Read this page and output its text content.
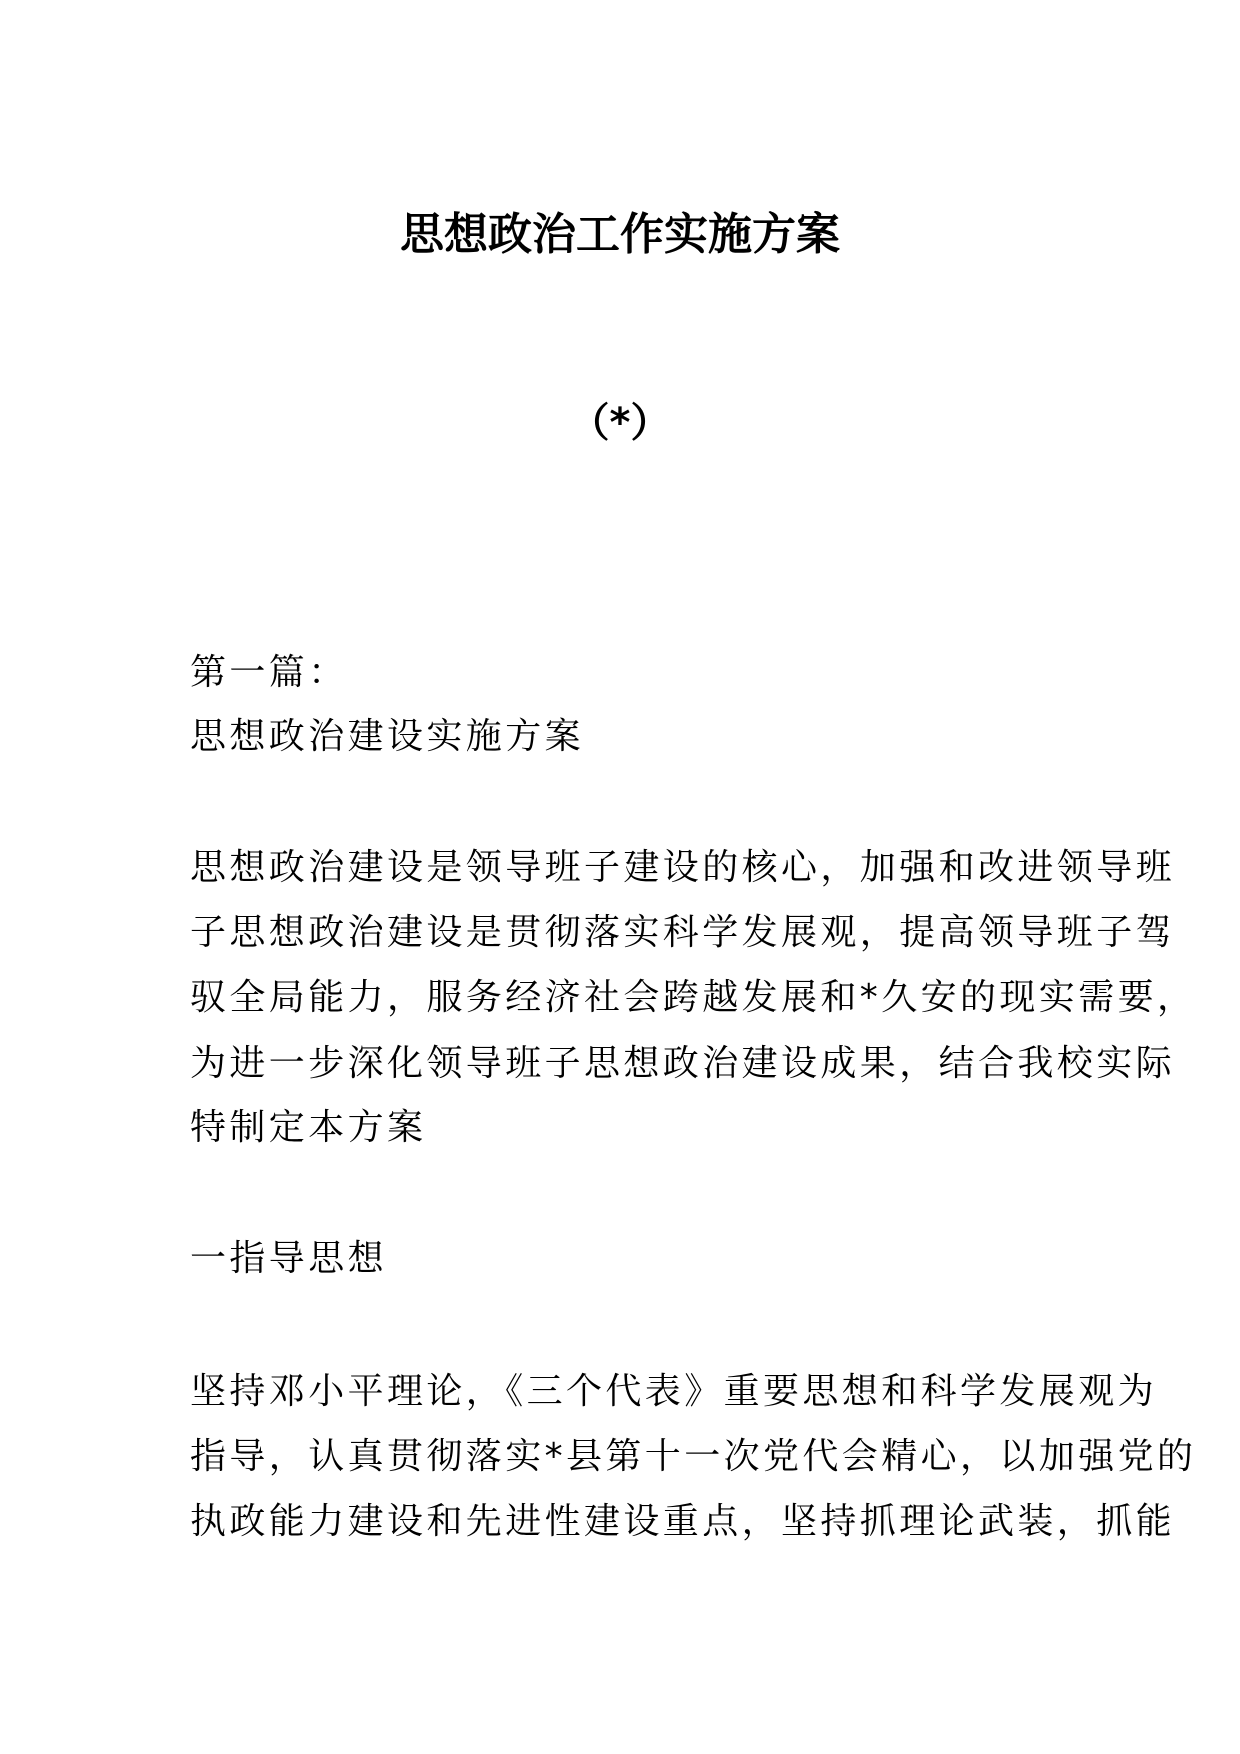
思想政治工作实施方案
（*）
第一篇：
思想政治建设实施方案
思想政治建设是领导班子建设的核心，加强和改进领导班
子思想政治建设是贯彻落实科学发展观，提高领导班子驾
驭全局能力，服务经济社会跨越发展和*久安的现实需要，
为进一步深化领导班子思想政治建设成果，结合我校实际
特制定本方案
一指导思想
坚持邓小平理论，《三个代表》重要思想和科学发展观为
指导，认真贯彻落实*县第十一次党代会精心，以加强党的
执政能力建设和先进性建设重点，坚持抓理论武装，抓能
